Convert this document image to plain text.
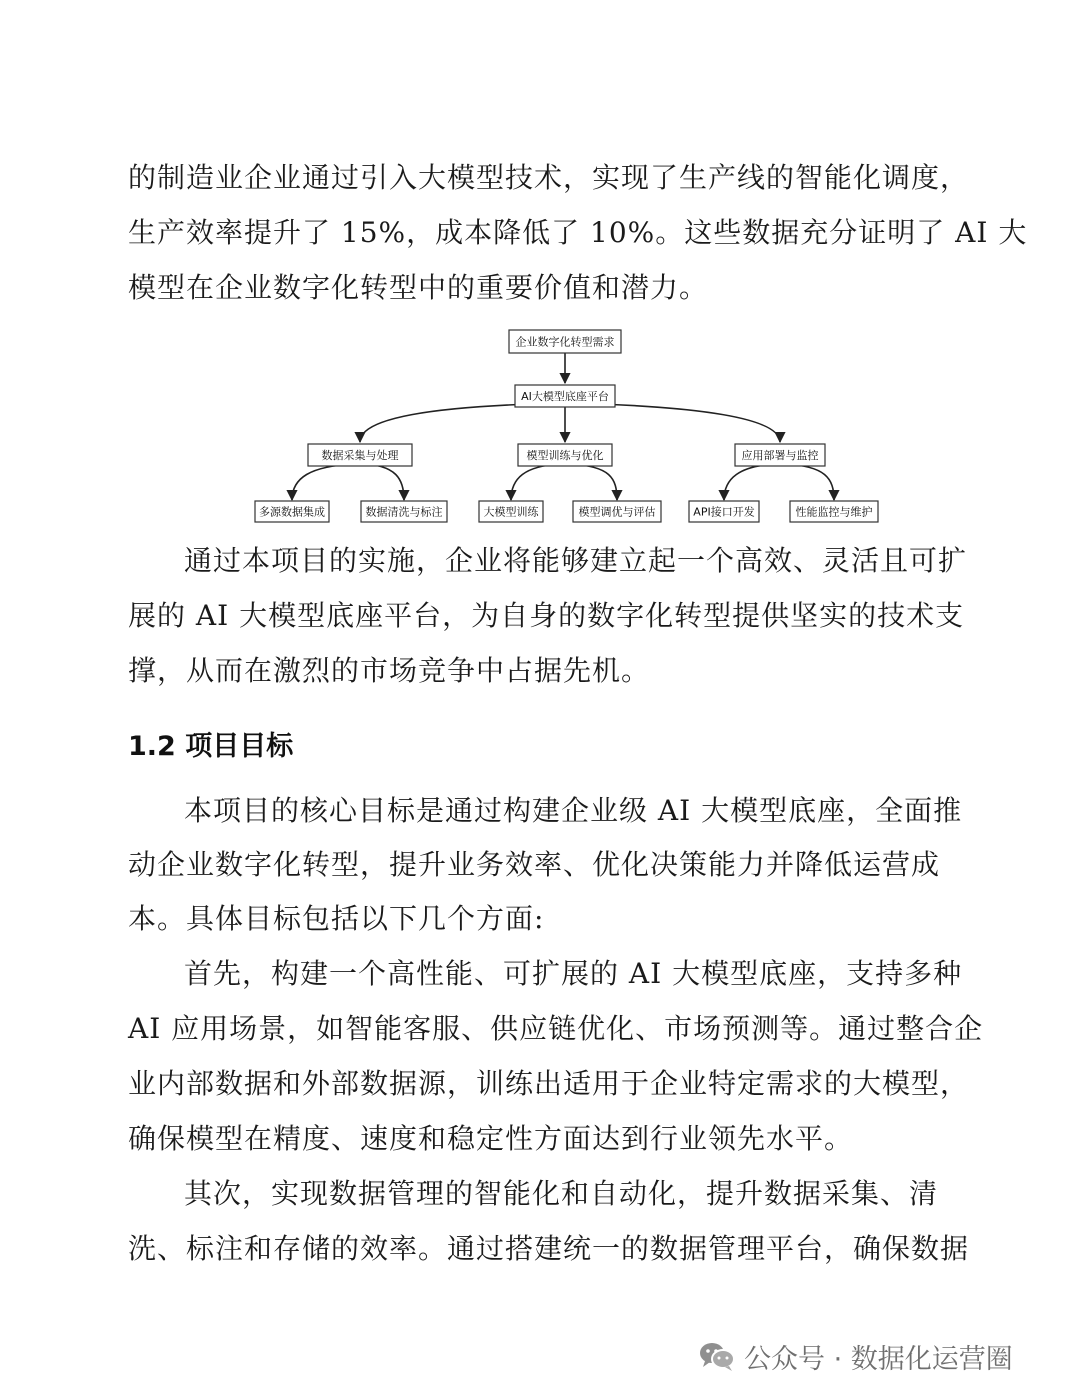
的制造业企业通过引入大模型技术，实现了生产线的智能化调度，
生产效率提升了 15%，成本降低了 10%。这些数据充分证明了 AI 大
模型在企业数字化转型中的重要价值和潜力。
企业数字化转型需求
AI大模型底座平台
数据采集与处理	模型训练与优化	应用部署与监控
多源数据集成	数据清洗与标注	大模型训练	模型调优与评估	API接口开发	性能监控与维护
通过本项目的实施，企业将能够建立起一个高效、灵活且可扩
展的 AI 大模型底座平台，为自身的数字化转型提供坚实的技术支
撑，从而在激烈的市场竞争中占据先机。
1.2 项目目标
本项目的核心目标是通过构建企业级 AI 大模型底座，全面推
动企业数字化转型，提升业务效率、优化决策能力并降低运营成
本。具体目标包括以下几个方面:
首先，构建一个高性能、可扩展的 AI 大模型底座，支持多种
AI 应用场景，如智能客服、供应链优化、市场预测等。通过整合企
业内部数据和外部数据源，训练出适用于企业特定需求的大模型，
确保模型在精度、速度和稳定性方面达到行业领先水平。
其次，实现数据管理的智能化和自动化，提升数据采集、清
洗、标注和存储的效率。通过搭建统一的数据管理平台，确保数据
公众号 · 数据化运营圈
